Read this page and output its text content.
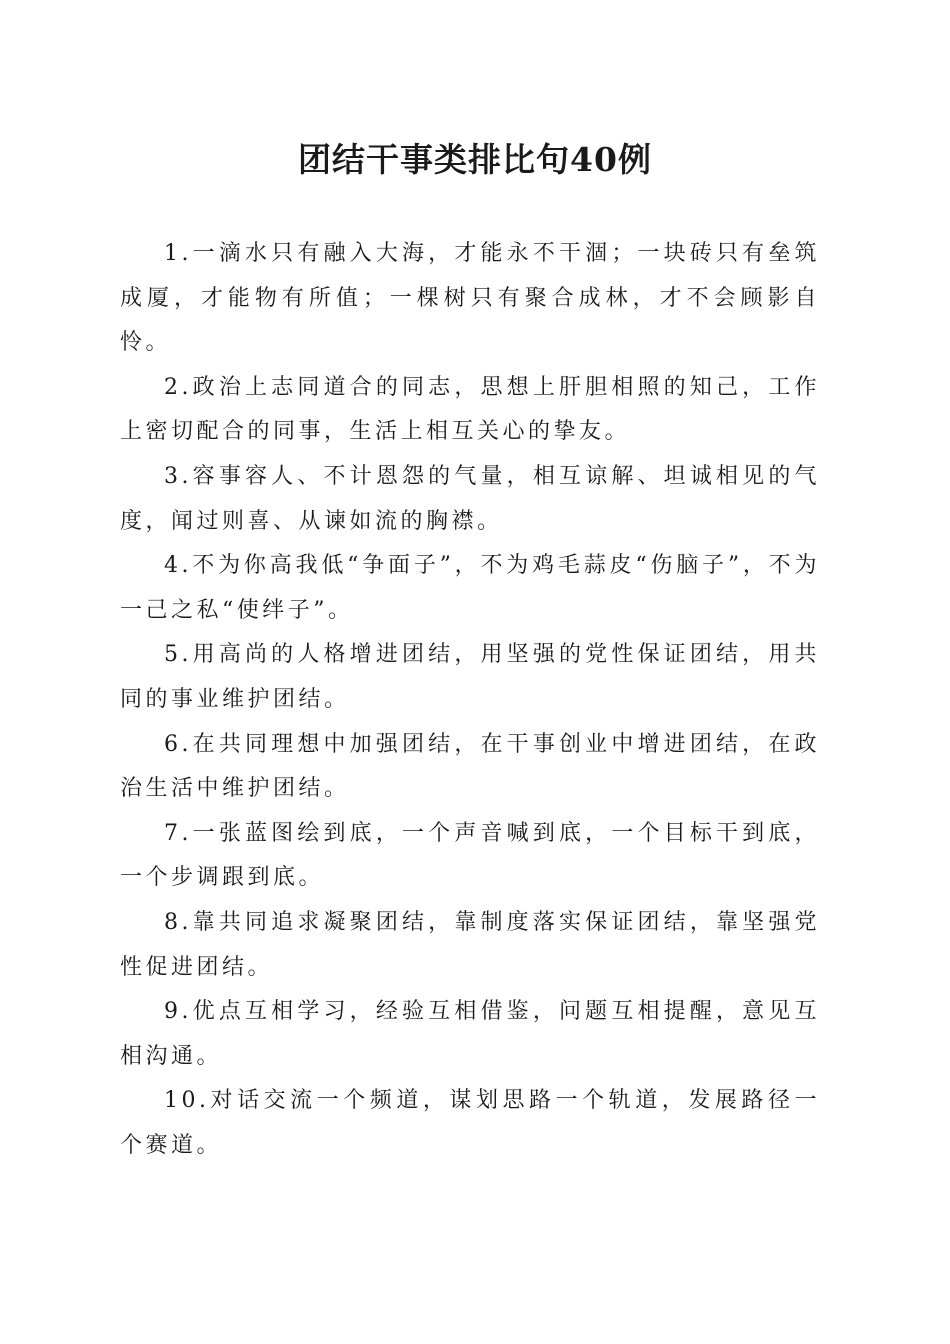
团结干事类排比句40例

1.一滴水只有融入大海，才能永不干涸；一块砖只有垒筑成厦，才能物有所值；一棵树只有聚合成林，才不会顾影自怜。

2.政治上志同道合的同志，思想上肝胆相照的知己，工作上密切配合的同事，生活上相互关心的挚友。

3.容事容人、不计恩怨的气量，相互谅解、坦诚相见的气度，闻过则喜、从谏如流的胸襟。

4.不为你高我低“争面子”，不为鸡毛蒜皮“伤脑子”，不为一己之私“使绊子”。

5.用高尚的人格增进团结，用坚强的党性保证团结，用共同的事业维护团结。

6.在共同理想中加强团结，在干事创业中增进团结，在政治生活中维护团结。

7.一张蓝图绘到底，一个声音喊到底，一个目标干到底，一个步调跟到底。

8.靠共同追求凝聚团结，靠制度落实保证团结，靠坚强党性促进团结。

9.优点互相学习，经验互相借鉴，问题互相提醒，意见互相沟通。

10.对话交流一个频道，谋划思路一个轨道，发展路径一个赛道。
